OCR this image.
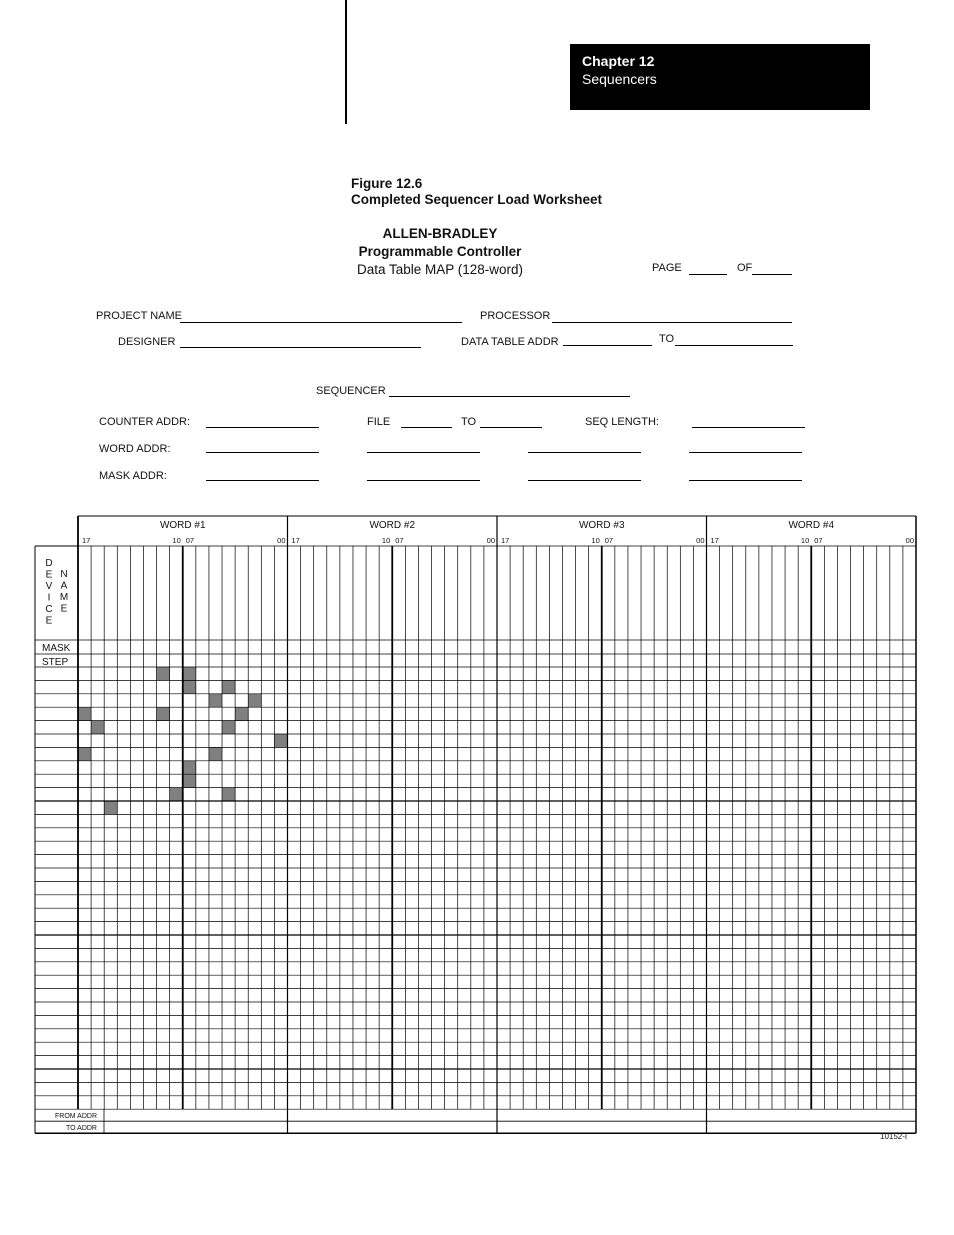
Chapter 12
Sequencers
Figure 12.6
Completed Sequencer Load Worksheet
ALLEN-BRADLEY
Programmable Controller
Data Table MAP (128-word)	PAGE	OF
PROJECT NAME	PROCESSOR
DESIGNER	DATA TABLE ADDR	TO
SEQUENCER
COUNTER ADDR:	FILE	TO	SEQ LENGTH:
WORD ADDR:
MASK ADDR:
WORD #1
17	10 07	00
WORD #2
17	10 07	00
WORD #3
17	10 07	00
WORD #4
17	10 07	00
D
E
V
I
C
E
N
A
M
E
MASK
STEP
FROM ADDR
TO ADDR
10152-I
